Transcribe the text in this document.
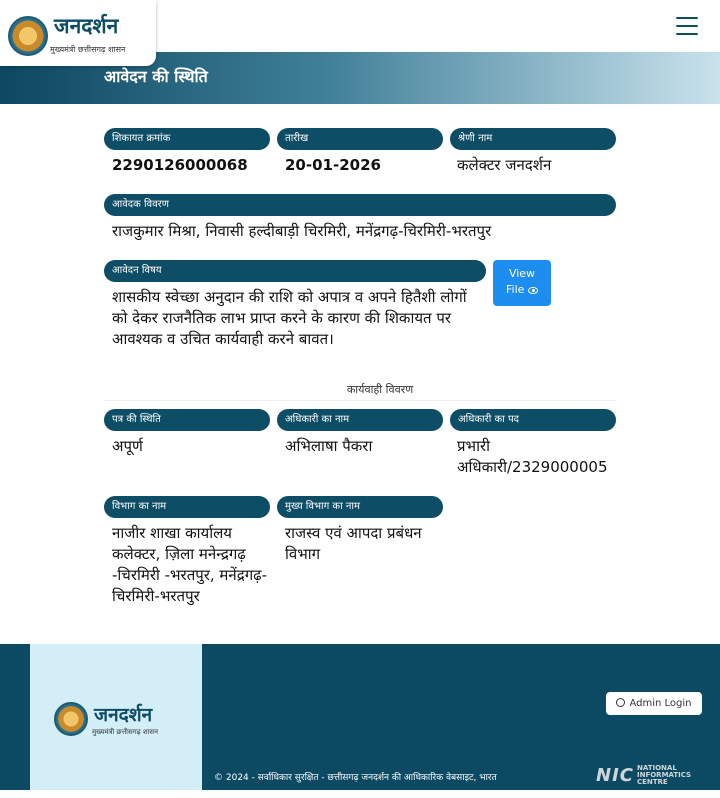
जनदर्शन
मुख्यमंत्री छत्तीसगढ़ शासन
आवेदन की स्थिति
शिकायत क्रमांक
2290126000068
तारीख
20-01-2026
श्रेणी नाम
कलेक्टर जनदर्शन
आवेदक विवरण
राजकुमार मिश्रा, निवासी हल्दीबाड़ी चिरमिरी, मनेंद्रगढ़-चिरमिरी-भरतपुर
आवेदन विषय
शासकीय स्वेच्छा अनुदान की राशि को अपात्र व अपने हितैशी लोगों को देकर राजनैतिक लाभ प्राप्त करने के कारण की शिकायत पर आवश्यक व उचित कार्यवाही करने बावत।
View
File
कार्यवाही विवरण
पत्र की स्थिति
अपूर्ण
अधिकारी का नाम
अभिलाषा पैकरा
अधिकारी का पद
प्रभारी
अधिकारी/2329000005
विभाग का नाम
नाजीर शाखा कार्यालय कलेक्टर, ज़िला मनेन्द्रगढ़ -चिरमिरी -भरतपुर, मनेंद्रगढ़-चिरमिरी-भरतपुर
मुख्य विभाग का नाम
राजस्व एवं आपदा प्रबंधन विभाग
जनदर्शन
मुख्यमंत्री छत्तीसगढ़ शासन
Admin Login
© 2024 - सर्वाधिकार सुरक्षित - छत्तीसगढ़ जनदर्शन की आधिकारिक वेबसाइट, भारत	NIC NATIONAL
INFORMATICS
CENTRE
